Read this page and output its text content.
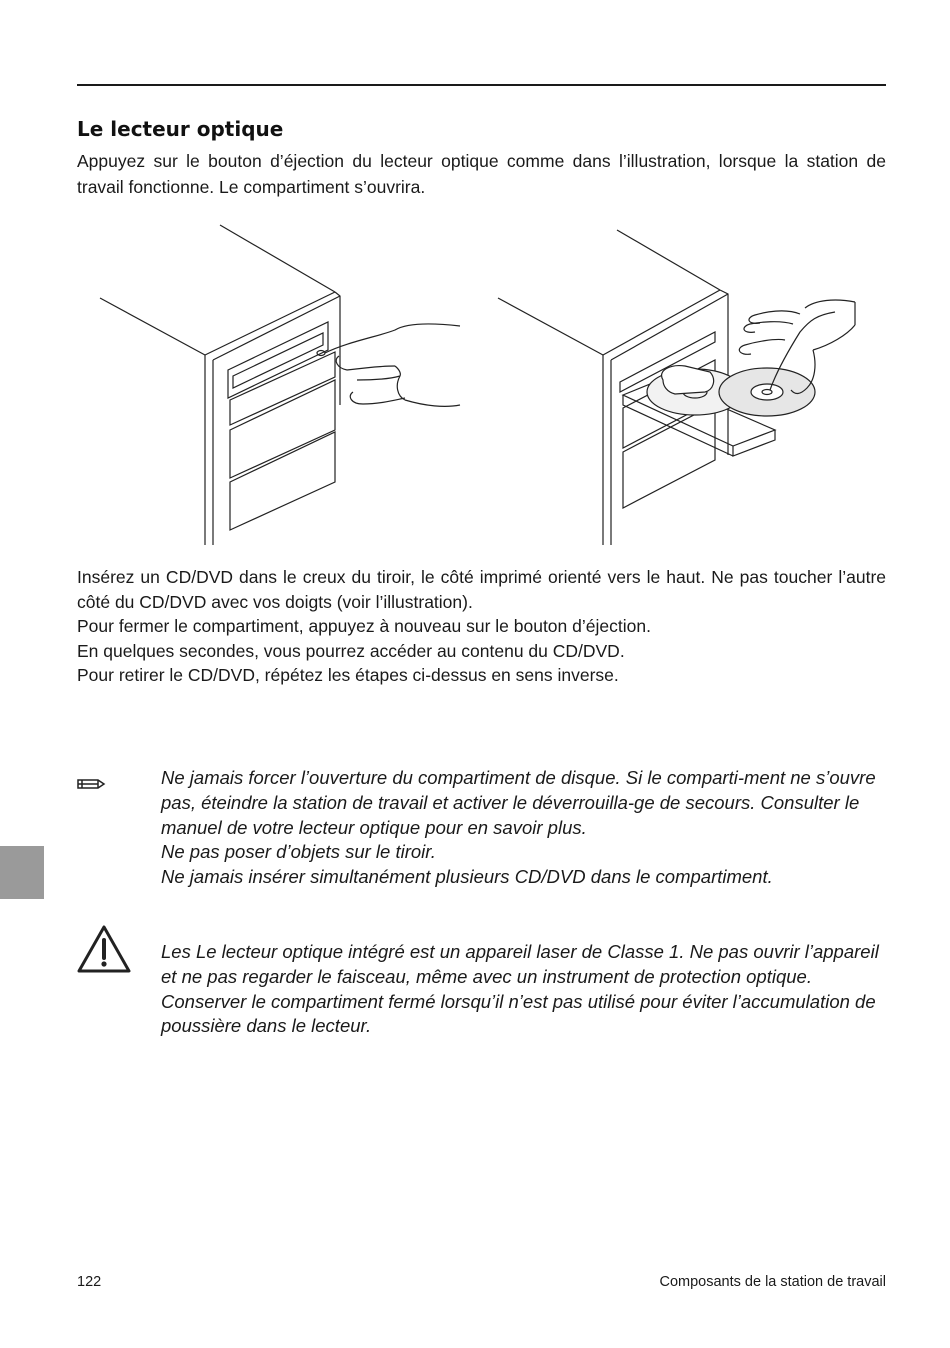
Le lecteur optique

Appuyez sur le bouton d’éjection du lecteur optique comme dans l’illustration, lorsque la station de travail fonctionne. Le compartiment s’ouvrira.

Insérez un CD/DVD dans le creux du tiroir, le côté imprimé orienté vers le haut. Ne pas toucher l’autre côté du CD/DVD avec vos doigts (voir l’illustration).

Pour fermer le compartiment, appuyez à nouveau sur le bouton d’éjection.

En quelques secondes, vous pourrez accéder au contenu du CD/DVD.

Pour retirer le CD/DVD, répétez les étapes ci-dessus en sens inverse.

Ne jamais forcer l’ouverture du compartiment de disque. Si le comparti-ment ne s’ouvre pas, éteindre la station de travail et activer le déverrouilla-ge de secours. Consulter le manuel de votre lecteur optique pour en savoir plus.

Ne pas poser d’objets sur le tiroir.

Ne jamais insérer simultanément plusieurs CD/DVD dans le compartiment.

Les Le lecteur optique intégré est un appareil laser de Classe 1. Ne pas ouvrir l’appareil et ne pas regarder le faisceau, même avec un instrument de protection optique.

Conserver le compartiment fermé lorsqu’il n’est pas utilisé pour éviter l’accumulation de poussière dans le lecteur.

122	Composants de la station de travail
